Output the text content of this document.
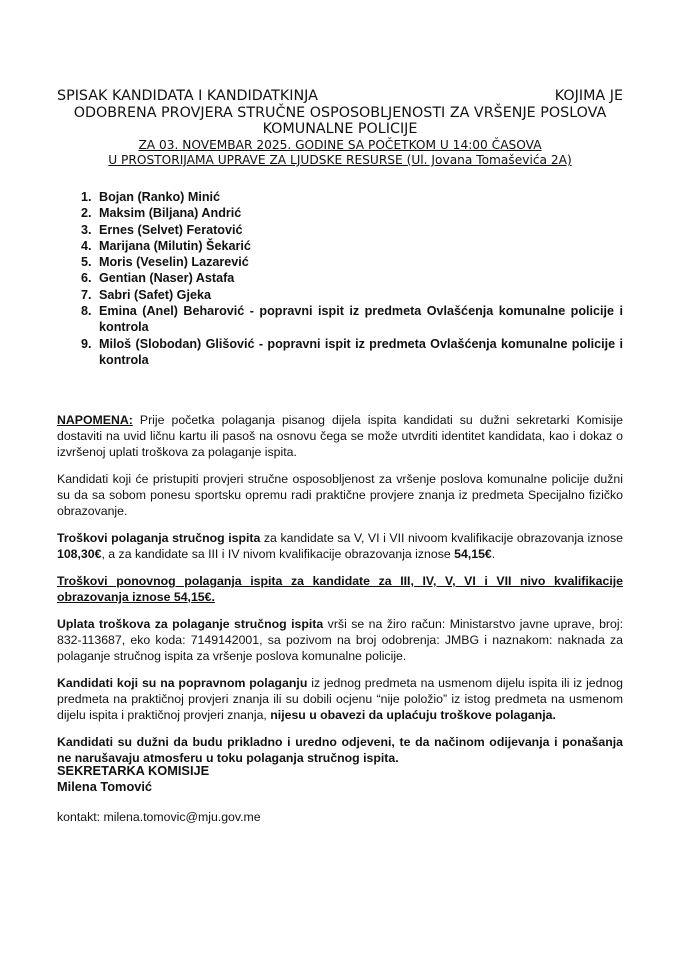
SPISAK KANDIDATA I KANDIDATKINJA	KOJIMA JE
ODOBRENA PROVJERA STRUČNE OSPOSOBLJENOSTI ZA VRŠENJE POSLOVA
KOMUNALNE POLICIJE
ZA 03. NOVEMBAR 2025. GODINE SA POČETKOM U 14:00 ČASOVA
U PROSTORIJAMA UPRAVE ZA LJUDSKE RESURSE (Ul. Jovana Tomaševića 2A)
1. Bojan (Ranko) Minić
2. Maksim (Biljana) Andrić
3. Ernes (Selvet) Feratović
4. Marijana (Milutin) Šekarić
5. Moris (Veselin) Lazarević
6. Gentian (Naser) Astafa
7. Sabri (Safet) Gjeka
8. Emina (Anel) Beharović - popravni ispit iz predmeta Ovlašćenja komunalne policije i kontrola
9. Miloš (Slobodan) Glišović - popravni ispit iz predmeta Ovlašćenja komunalne policije i kontrola

NAPOMENA: Prije početka polaganja pisanog dijela ispita kandidati su dužni sekretarki Komisije dostaviti na uvid ličnu kartu ili pasoš na osnovu čega se može utvrditi identitet kandidata, kao i dokaz o izvršenoj uplati troškova za polaganje ispita.

Kandidati koji će pristupiti provjeri stručne osposobljenost za vršenje poslova komunalne policije dužni su da sa sobom ponesu sportsku opremu radi praktične provjere znanja iz predmeta Specijalno fizičko obrazovanje.

Troškovi polaganja stručnog ispita za kandidate sa V, VI i VII nivoom kvalifikacije obrazovanja iznose 108,30€, a za kandidate sa III i IV nivom kvalifikacije obrazovanja iznose 54,15€.

Troškovi ponovnog polaganja ispita za kandidate za III, IV, V, VI i VII nivo kvalifikacije obrazovanja iznose 54,15€.

Uplata troškova za polaganje stručnog ispita vrši se na žiro račun: Ministarstvo javne uprave, broj: 832-113687, eko koda: 7149142001, sa pozivom na broj odobrenja: JMBG i naznakom: naknada za polaganje stručnog ispita za vršenje poslova komunalne policije.

Kandidati koji su na popravnom polaganju iz jednog predmeta na usmenom dijelu ispita ili iz jednog predmeta na praktičnoj provjeri znanja ili su dobili ocjenu “nije položio” iz istog predmeta na usmenom dijelu ispita i praktičnoj provjeri znanja, nijesu u obavezi da uplaćuju troškove polaganja.

Kandidati su dužni da budu prikladno i uredno odjeveni, te da načinom odijevanja i ponašanja ne narušavaju atmosferu u toku polaganja stručnog ispita.

SEKRETARKA KOMISIJE
Milena Tomović
kontakt: milena.tomovic@mju.gov.me
